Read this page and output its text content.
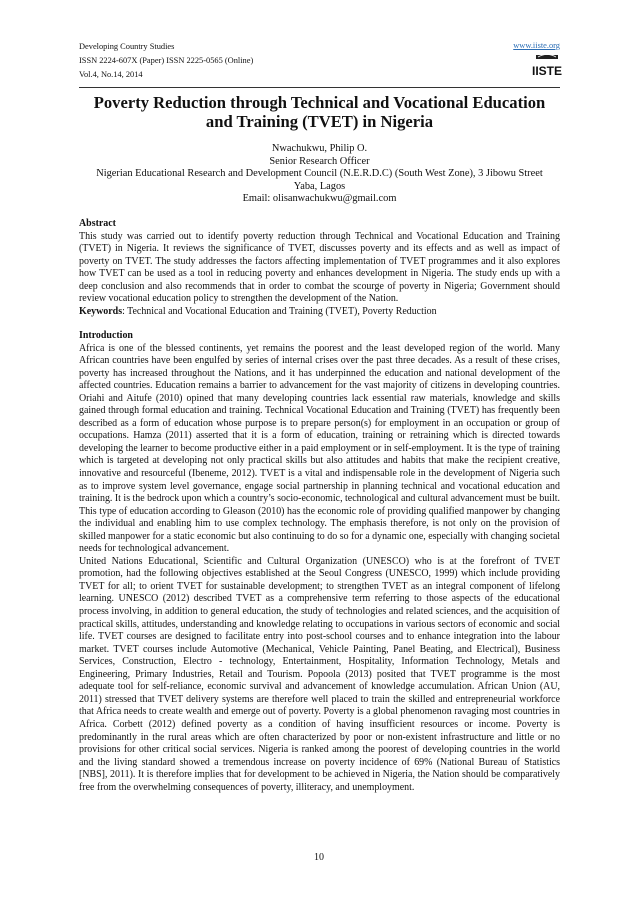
Developing Country Studies
ISSN 2224-607X (Paper) ISSN 2225-0565 (Online)
Vol.4, No.14, 2014
www.iiste.org
IISTE
Poverty Reduction through Technical and Vocational Education and Training (TVET) in Nigeria
Nwachukwu, Philip O.
Senior Research Officer
Nigerian Educational Research and Development Council (N.E.R.D.C) (South West Zone), 3 Jibowu Street
Yaba, Lagos
Email: olisanwachukwu@gmail.com
Abstract

This study was carried out to identify poverty reduction through Technical and Vocational Education and Training (TVET) in Nigeria. It reviews the significance of TVET, discusses poverty and its effects and as well as impact of poverty on TVET. The study addresses the factors affecting implementation of TVET programmes and it also explores how TVET can be used as a tool in reducing poverty and enhances development in Nigeria. The study ends up with a deep conclusion and also recommends that in order to combat the scourge of poverty in Nigeria; Government should review vocational education policy to strengthen the development of the Nation.

Keywords: Technical and Vocational Education and Training (TVET), Poverty Reduction

Introduction

Africa is one of the blessed continents, yet remains the poorest and the least developed region of the world. Many African countries have been engulfed by series of internal crises over the past three decades. As a result of these crises, poverty has increased throughout the Nations, and it has underpinned the education and national development of the affected countries. Education remains a barrier to advancement for the vast majority of citizens in developing countries. Oriahi and Aitufe (2010) opined that many developing countries lack essential raw materials, knowledge and skills gained through formal education and training. Technical Vocational Education and Training (TVET) has frequently been described as a form of education whose purpose is to prepare person(s) for employment in an occupation or group of occupations. Hamza (2011) asserted that it is a form of education, training or retraining which is directed towards developing the learner to become productive either in a paid employment or in self-employment. It is the type of training which is targeted at developing not only practical skills but also attitudes and habits that make the recipient creative, innovative and resourceful (Ibeneme, 2012). TVET is a vital and indispensable role in the development of Nigeria such as to improve system level governance, engage social partnership in planning technical and vocational education and training. It is the bedrock upon which a country’s socio-economic, technological and cultural advancement must be built. This type of education according to Gleason (2010) has the economic role of providing qualified manpower by changing the individual and enabling him to use complex technology. The emphasis therefore, is not only on the provision of skilled manpower for a static economic but also continuing to do so for a dynamic one, especially with changing societal needs for technological advancement.

United Nations Educational, Scientific and Cultural Organization (UNESCO) who is at the forefront of TVET promotion, had the following objectives established at the Seoul Congress (UNESCO, 1999) which include providing TVET for all; to orient TVET for sustainable development; to strengthen TVET as an integral component of lifelong learning. UNESCO (2012) described TVET as a comprehensive term referring to those aspects of the educational process involving, in addition to general education, the study of technologies and related sciences, and the acquisition of practical skills, attitudes, understanding and knowledge relating to occupations in various sectors of economic and social life. TVET courses are designed to facilitate entry into post-school courses and to enhance integration into the labour market. TVET courses include Automotive (Mechanical, Vehicle Painting, Panel Beating, and Electrical), Business Services, Construction, Electro - technology, Entertainment, Hospitality, Information Technology, Metals and Engineering, Primary Industries, Retail and Tourism. Popoola (2013) posited that TVET programme is the most adequate tool for self-reliance, economic survival and advancement of knowledge accumulation. African Union (AU, 2011) stressed that TVET delivery systems are therefore well placed to train the skilled and entrepreneurial workforce that Africa needs to create wealth and emerge out of poverty. Poverty is a global phenomenon ravaging most countries in Africa. Corbett (2012) defined poverty as a condition of having insufficient resources or income. Poverty is predominantly in the rural areas which are often characterized by poor or non-existent infrastructure and little or no provisions for other critical social services. Nigeria is ranked among the poorest of developing countries in the world and the living standard showed a tremendous increase on poverty incidence of 69% (National Bureau of Statistics [NBS], 2011). It is therefore implies that for development to be achieved in Nigeria, the Nation should be comparatively free from the overwhelming consequences of poverty, illiteracy, and unemployment.

10
